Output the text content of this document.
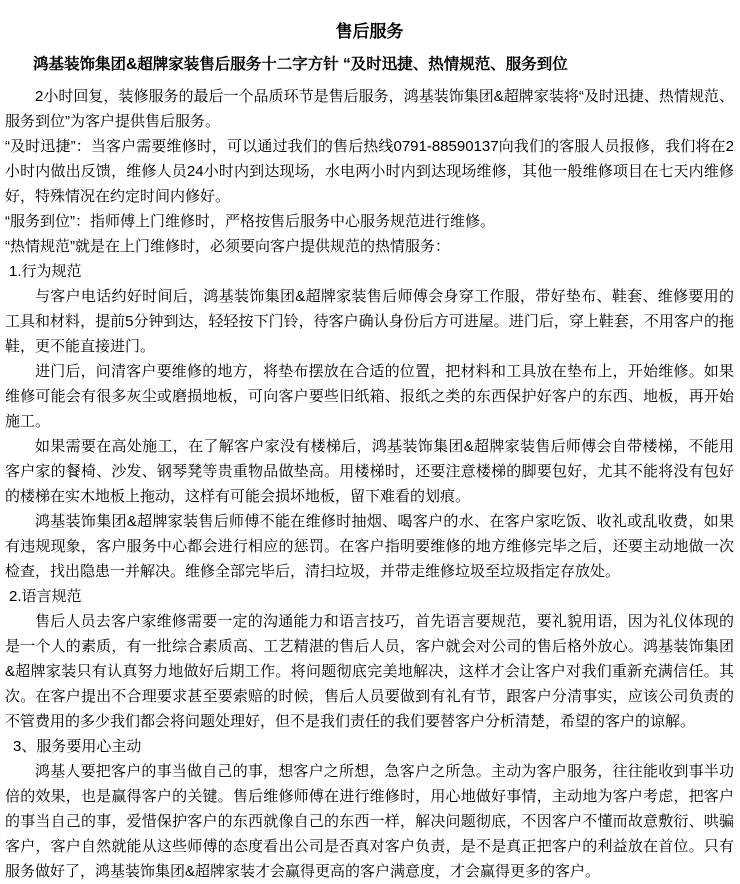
售后服务

鸿基装饰集团&超牌家装售后服务十二字方针 “及时迅捷、热情规范、服务到位

2小时回复，装修服务的最后一个品质环节是售后服务，鸿基装饰集团&超牌家装将“及时迅捷、热情规范、服务到位”为客户提供售后服务。

“及时迅捷”：当客户需要维修时，可以通过我们的售后热线0791-88590137向我们的客服人员报修，我们将在2小时内做出反馈，维修人员24小时内到达现场，水电两小时内到达现场维修，其他一般维修项目在七天内维修好，特殊情况在约定时间内修好。

“服务到位”：指师傅上门维修时，严格按售后服务中心服务规范进行维修。

“热情规范”就是在上门维修时，必须要向客户提供规范的热情服务：

1.行为规范

与客户电话约好时间后，鸿基装饰集团&超牌家装售后师傅会身穿工作服，带好垫布、鞋套、维修要用的工具和材料，提前5分钟到达，轻轻按下门铃，待客户确认身份后方可进屋。进门后，穿上鞋套，不用客户的拖鞋，更不能直接进门。

进门后，问清客户要维修的地方，将垫布摆放在合适的位置，把材料和工具放在垫布上，开始维修。如果维修可能会有很多灰尘或磨损地板，可向客户要些旧纸箱、报纸之类的东西保护好客户的东西、地板，再开始施工。

如果需要在高处施工，在了解客户家没有楼梯后，鸿基装饰集团&超牌家装售后师傅会自带楼梯，不能用客户家的餐椅、沙发、钢琴凳等贵重物品做垫高。用楼梯时，还要注意楼梯的脚要包好，尤其不能将没有包好的楼梯在实木地板上拖动，这样有可能会损坏地板，留下难看的划痕。

鸿基装饰集团&超牌家装售后师傅不能在维修时抽烟、喝客户的水、在客户家吃饭、收礼或乱收费，如果有违规现象，客户服务中心都会进行相应的惩罚。在客户指明要维修的地方维修完毕之后，还要主动地做一次检查，找出隐患一并解决。维修全部完毕后，清扫垃圾，并带走维修垃圾至垃圾指定存放处。

2.语言规范

售后人员去客户家维修需要一定的沟通能力和语言技巧，首先语言要规范，要礼貌用语，因为礼仪体现的是一个人的素质，有一批综合素质高、工艺精湛的售后人员，客户就会对公司的售后格外放心。鸿基装饰集团&超牌家装只有认真努力地做好后期工作。将问题彻底完美地解决，这样才会让客户对我们重新充满信任。其次。在客户提出不合理要求甚至要索赔的时候，售后人员要做到有礼有节，跟客户分清事实，应该公司负责的不管费用的多少我们都会将问题处理好，但不是我们责任的我们要替客户分析清楚，希望的客户的谅解。

3、服务要用心主动

鸿基人要把客户的事当做自己的事，想客户之所想，急客户之所急。主动为客户服务，往往能收到事半功倍的效果，也是赢得客户的关键。售后维修师傅在进行维修时，用心地做好事情，主动地为客户考虑，把客户的事当自己的事，爱惜保护客户的东西就像自己的东西一样，解决问题彻底，不因客户不懂而故意敷衍、哄骗客户，客户自然就能从这些师傅的态度看出公司是否真对客户负责，是不是真正把客户的利益放在首位。只有服务做好了，鸿基装饰集团&超牌家装才会赢得更高的客户满意度，才会赢得更多的客户。
